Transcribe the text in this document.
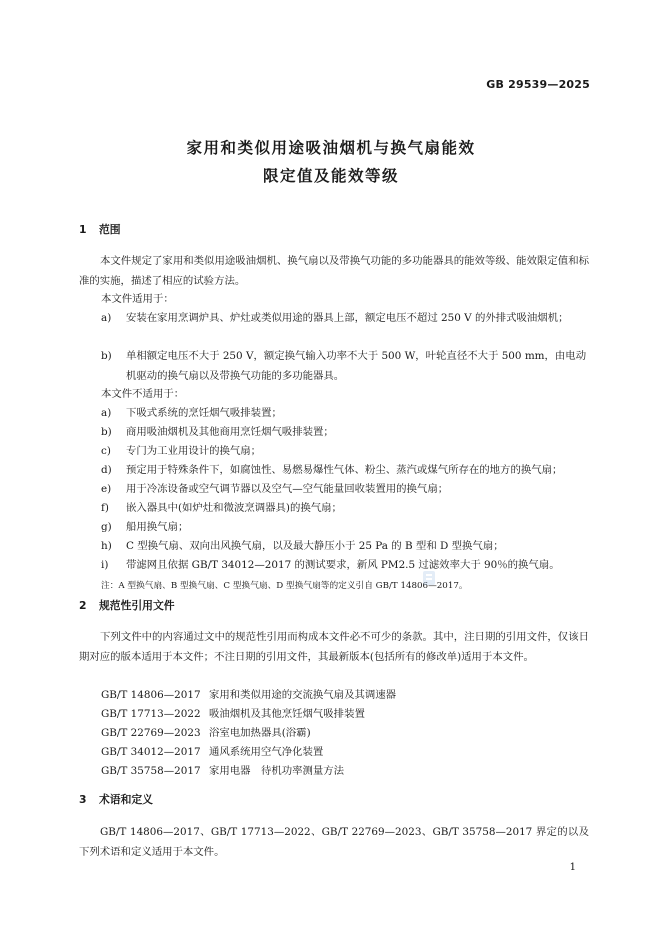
GB 29539—2025
家用和类似用途吸油烟机与换气扇能效
限定值及能效等级
1 范围
本文件规定了家用和类似用途吸油烟机、换气扇以及带换气功能的多功能器具的能效等级、能效限定值和标准的实施，描述了相应的试验方法。
本文件适用于：
a)	安装在家用烹调炉具、炉灶或类似用途的器具上部，额定电压不超过 250 V 的外排式吸油烟机；
b)	单相额定电压不大于 250 V，额定换气输入功率不大于 500 W，叶轮直径不大于 500 mm，由电动机驱动的换气扇以及带换气功能的多功能器具。
本文件不适用于：
a) 下吸式系统的烹饪烟气吸排装置；
b) 商用吸油烟机及其他商用烹饪烟气吸排装置；
c) 专门为工业用设计的换气扇；
d) 预定用于特殊条件下，如腐蚀性、易燃易爆性气体、粉尘、蒸汽或煤气所存在的地方的换气扇；
e) 用于冷冻设备或空气调节器以及空气—空气能量回收装置用的换气扇；
f) 嵌入器具中(如炉灶和微波烹调器具)的换气扇；
g) 船用换气扇；
h) C 型换气扇、双向出风换气扇，以及最大静压小于 25 Pa 的 B 型和 D 型换气扇；
i) 带滤网且依据 GB/T 34012—2017 的测试要求，新风 PM2.5 过滤效率大于 90％的换气扇。
注：A 型换气扇、B 型换气扇、C 型换气扇、D 型换气扇等的定义引自 GB/T 14806—2017。
2 规范性引用文件
下列文件中的内容通过文中的规范性引用而构成本文件必不可少的条款。其中，注日期的引用文件，仅该日期对应的版本适用于本文件；不注日期的引用文件，其最新版本(包括所有的修改单)适用于本文件。
GB/T 14806—2017 家用和类似用途的交流换气扇及其调速器
GB/T 17713—2022 吸油烟机及其他烹饪烟气吸排装置
GB/T 22769—2023 浴室电加热器具(浴霸)
GB/T 34012—2017 通风系统用空气净化装置
GB/T 35758—2017 家用电器　待机功率测量方法
3 术语和定义
GB/T 14806—2017、GB/T 17713—2022、GB/T 22769—2023、GB/T 35758—2017 界定的以及下列术语和定义适用于本文件。
1
